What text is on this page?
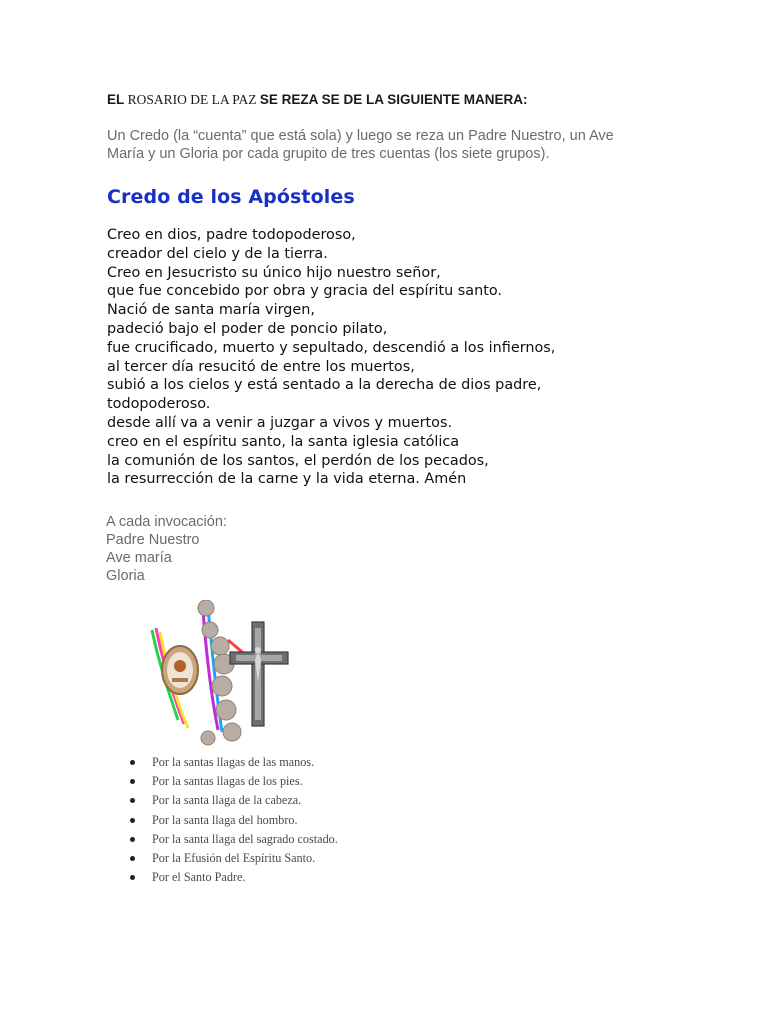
EL ROSARIO DE LA PAZ SE REZA SE DE LA SIGUIENTE MANERA:

Un Credo (la “cuenta” que está sola) y luego se reza un Padre Nuestro, un Ave María y un Gloria por cada grupito de tres cuentas (los siete grupos).

Credo de los Apóstoles
Creo en dios, padre todopoderoso,
creador del cielo y de la tierra.
Creo en Jesucristo su único hijo nuestro señor,
que fue concebido por obra y gracia del espíritu santo.
Nació de santa maría virgen,
padeció bajo el poder de poncio pilato,
fue crucificado, muerto y sepultado, descendió a los infiernos,
al tercer día resucitó de entre los muertos,
subió a los cielos y está sentado a la derecha de dios padre,
todopoderoso.
desde allí va a venir a juzgar a vivos y muertos.
creo en el espíritu santo, la santa iglesia católica
la comunión de los santos, el perdón de los pecados,
la resurrección de la carne y la vida eterna. Amén
A cada invocación:
Padre Nuestro
Ave maría
Gloria
Por la santas llagas de las manos.
Por la santas llagas de los pies.
Por la santa llaga de la cabeza.
Por la santa llaga del hombro.
Por la santa llaga del sagrado costado.
Por la Efusión del Espíritu Santo.
Por el Santo Padre.
